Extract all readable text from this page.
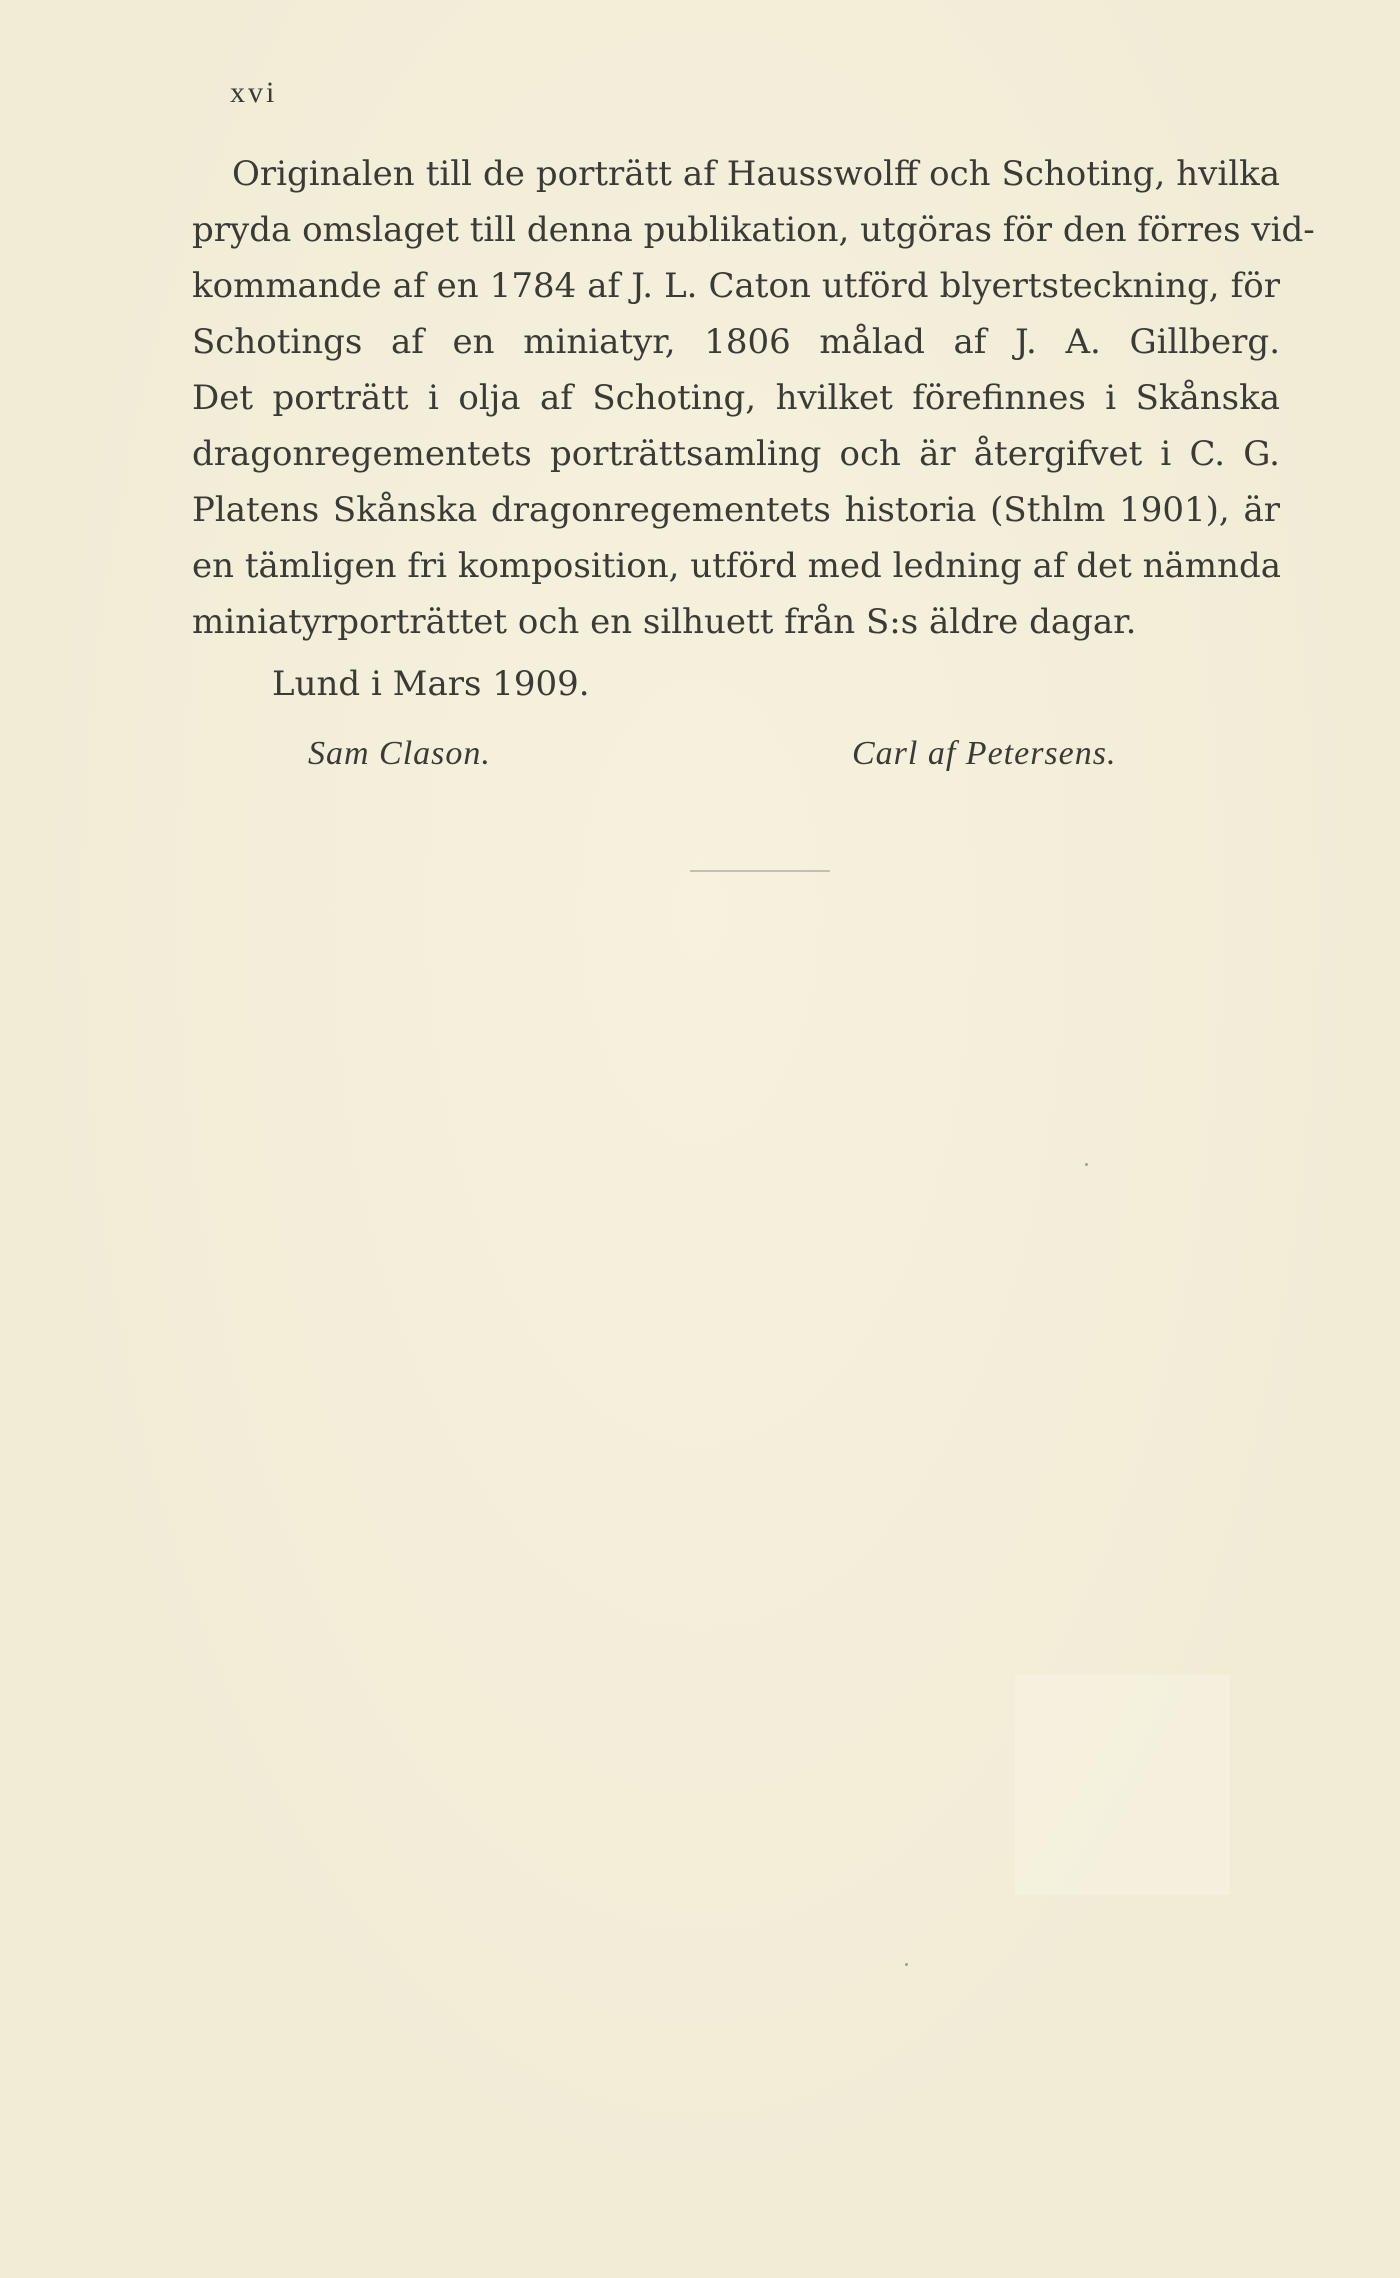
xvi
Originalen till de porträtt af Hausswolff och Schoting, hvilka
pryda omslaget till denna publikation, utgöras för den förres vid-
kommande af en 1784 af J. L. Caton utförd blyertsteckning, för
Schotings af en miniatyr, 1806 målad af J. A. Gillberg.
Det porträtt i olja af Schoting, hvilket förefinnes i Skånska
dragonregementets porträttsamling och är återgifvet i C. G.
Platens Skånska dragonregementets historia (Sthlm 1901), är
en tämligen fri komposition, utförd med ledning af det nämnda
miniatyrporträttet och en silhuett från S:s äldre dagar.
Lund i Mars 1909.
Sam Clason.	Carl af Petersens.
